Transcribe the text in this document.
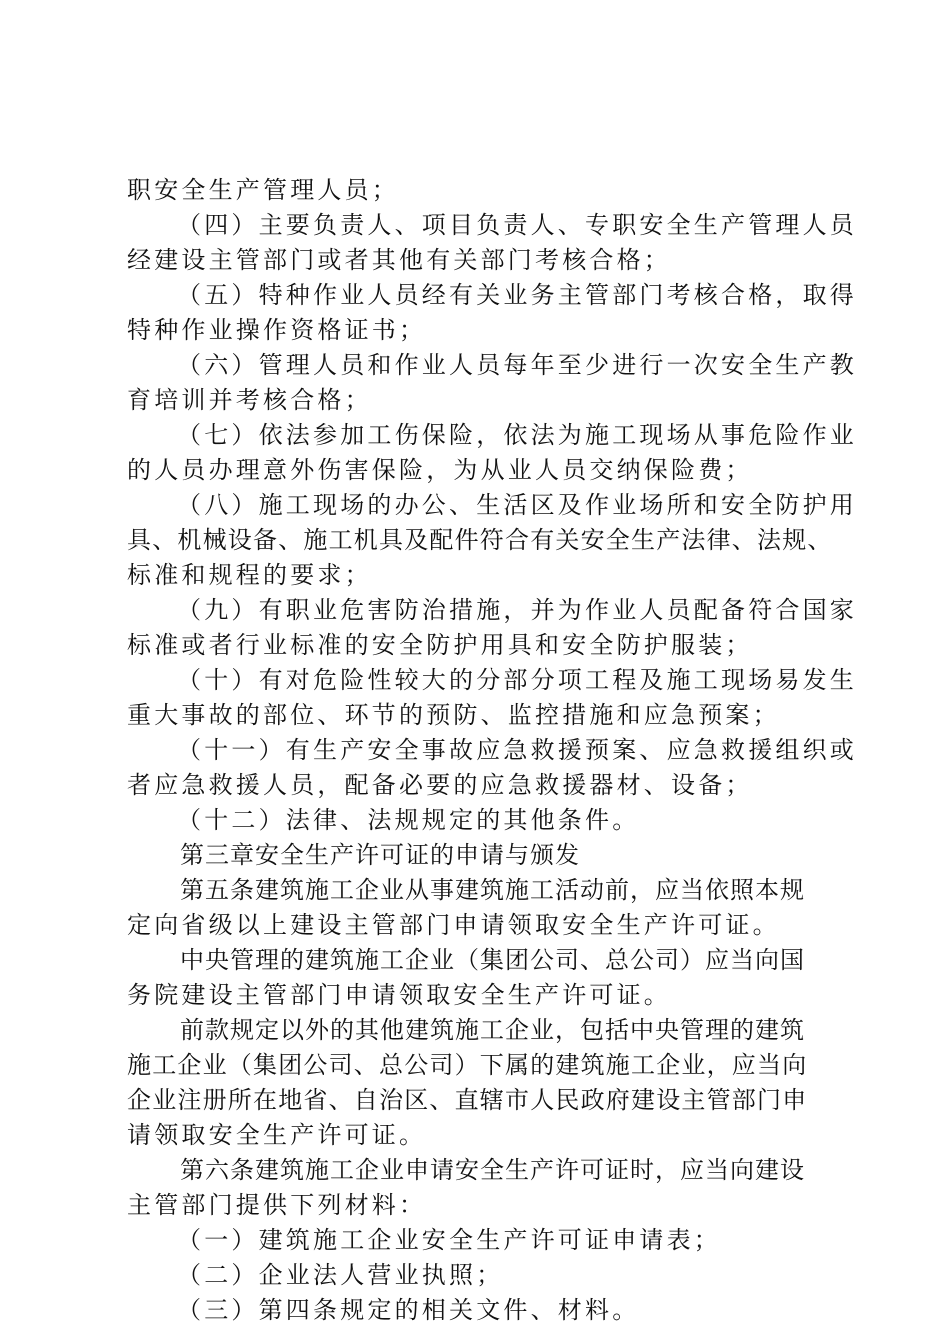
职安全生产管理人员；
（四）主要负责人、项目负责人、专职安全生产管理人员
经建设主管部门或者其他有关部门考核合格；
（五）特种作业人员经有关业务主管部门考核合格，取得
特种作业操作资格证书；
（六）管理人员和作业人员每年至少进行一次安全生产教
育培训并考核合格；
（七）依法参加工伤保险，依法为施工现场从事危险作业
的人员办理意外伤害保险，为从业人员交纳保险费；
（八）施工现场的办公、生活区及作业场所和安全防护用
具、机械设备、施工机具及配件符合有关安全生产法律、法规、
标准和规程的要求；
（九）有职业危害防治措施，并为作业人员配备符合国家
标准或者行业标准的安全防护用具和安全防护服装；
（十）有对危险性较大的分部分项工程及施工现场易发生
重大事故的部位、环节的预防、监控措施和应急预案；
（十一）有生产安全事故应急救援预案、应急救援组织或
者应急救援人员，配备必要的应急救援器材、设备；
（十二）法律、法规规定的其他条件。
第三章安全生产许可证的申请与颁发
第五条建筑施工企业从事建筑施工活动前，应当依照本规
定向省级以上建设主管部门申请领取安全生产许可证。
中央管理的建筑施工企业（集团公司、总公司）应当向国
务院建设主管部门申请领取安全生产许可证。
前款规定以外的其他建筑施工企业，包括中央管理的建筑
施工企业（集团公司、总公司）下属的建筑施工企业，应当向
企业注册所在地省、自治区、直辖市人民政府建设主管部门申
请领取安全生产许可证。
第六条建筑施工企业申请安全生产许可证时，应当向建设
主管部门提供下列材料：
（一）建筑施工企业安全生产许可证申请表；
（二）企业法人营业执照；
（三）第四条规定的相关文件、材料。
